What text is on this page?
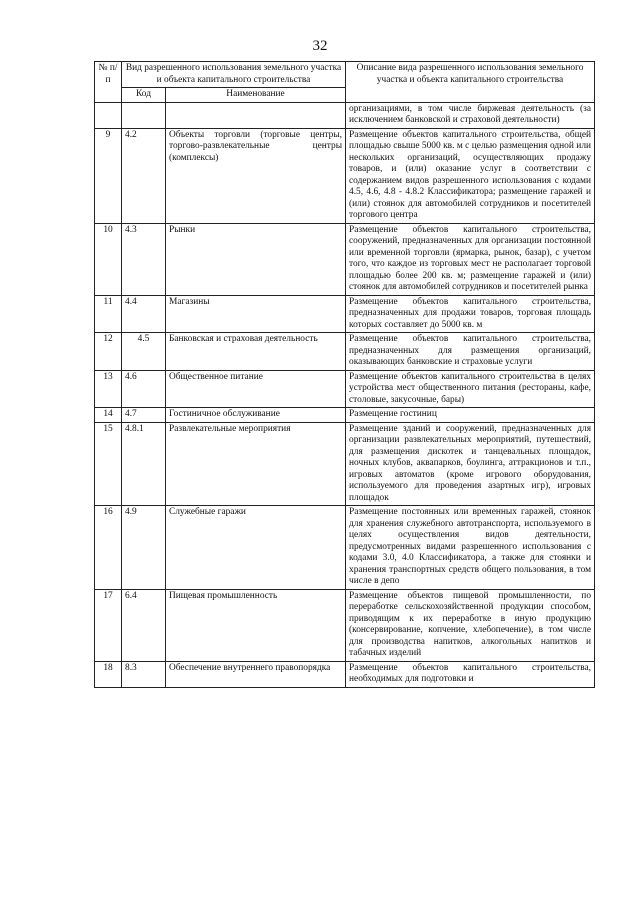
32
№ п/п	Вид разрешенного использования земельного участка и объекта капитального строительства		Описание вида разрешенного использования земельного участка и объекта капитального строительства
	Код	Наименование	
			организациями, в том числе биржевая деятельность (за исключением банковской и страховой деятельности)
9	4.2	Объекты торговли (торговые центры, торгово-развлекательные центры (комплексы)	Размещение объектов капитального строительства, общей площадью свыше 5000 кв. м с целью размещения одной или нескольких организаций, осуществляющих продажу товаров, и (или) оказание услуг в соответствии с содержанием видов разрешенного использования с кодами 4.5, 4.6, 4.8 - 4.8.2 Классификатора; размещение гаражей и (или) стоянок для автомобилей сотрудников и посетителей торгового центра
10	4.3	Рынки	Размещение объектов капитального строительства, сооружений, предназначенных для организации постоянной или временной торговли (ярмарка, рынок, базар), с учетом того, что каждое из торговых мест не располагает торговой площадью более 200 кв. м; размещение гаражей и (или) стоянок для автомобилей сотрудников и посетителей рынка
11	4.4	Магазины	Размещение объектов капитального строительства, предназначенных для продажи товаров, торговая площадь которых составляет до 5000 кв. м
12	4.5	Банковская и страховая деятельность	Размещение объектов капитального строительства, предназначенных для размещения организаций, оказывающих банковские и страховые услуги
13	4.6	Общественное питание	Размещение объектов капитального строительства в целях устройства мест общественного питания (рестораны, кафе, столовые, закусочные, бары)
14	4.7	Гостиничное обслуживание	Размещение гостиниц
15	4.8.1	Развлекательные мероприятия	Размещение зданий и сооружений, предназначенных для организации развлекательных мероприятий, путешествий, для размещения дискотек и танцевальных площадок, ночных клубов, аквапарков, боулинга, аттракционов и т.п., игровых автоматов (кроме игрового оборудования, используемого для проведения азартных игр), игровых площадок
16	4.9	Служебные гаражи	Размещение постоянных или временных гаражей, стоянок для хранения служебного автотранспорта, используемого в целях осуществления видов деятельности, предусмотренных видами разрешенного использования с кодами 3.0, 4.0 Классификатора, а также для стоянки и хранения транспортных средств общего пользования, в том числе в депо
17	6.4	Пищевая промышленность	Размещение объектов пищевой промышленности, по переработке сельскохозяйственной продукции способом, приводящим к их переработке в иную продукцию (консервирование, копчение, хлебопечение), в том числе для производства напитков, алкогольных напитков и табачных изделий
18	8.3	Обеспечение внутреннего правопорядка	Размещение объектов капитального строительства, необходимых для подготовки и
